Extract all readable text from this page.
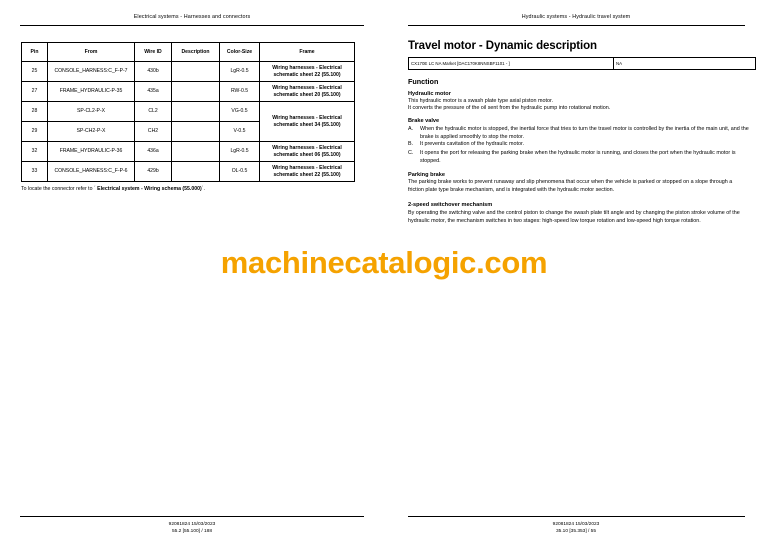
Electrical systems - Harnesses and connectors
Pin	From	Wire ID	Description	Color-Size	Frame
25	CONSOLE_HARNESS:C_F-P-7	430b		LgR-0.5	Wiring harnesses - Electrical schematic sheet 22 (55.100)
27	FRAME_HYDRAULIC-P-35	435a		RW-0.5	Wiring harnesses - Electrical schematic sheet 20 (55.100)
28	SP-CL2-P-X	CL2		VG-0.5	Wiring harnesses - Electrical schematic sheet 34 (55.100)
29	SP-CH2-P-X	CH2		V-0.5	
32	FRAME_HYDRAULIC-P-36	436a		LgR-0.5	Wiring harnesses - Electrical schematic sheet 06 (55.100)
33	CONSOLE_HARNESS:C_F-P-6	429b		OL-0.5	Wiring harnesses - Electrical schematic sheet 22 (55.100)
To locate the connector refer to ´ Electrical system - Wiring schema (55.000)´.
92081824 15/03/2023
55.2 [55.100] / 188
Hydraulic systems - Hydraulic travel system
Travel motor - Dynamic description
CX170E LC NA Market [DAC170K8NNSBF1101 - ]	NA
Function
Hydraulic motor
This hydraulic motor is a swash plate type axial piston motor.
It converts the pressure of the oil sent from the hydraulic pump into rotational motion.
Brake valve
A. When the hydraulic motor is stopped, the inertial force that tries to turn the travel motor is controlled by the inertia of the main unit, and the brake is applied smoothly to stop the motor.
B. It prevents cavitation of the hydraulic motor.
C. It opens the port for releasing the parking brake when the hydraulic motor is running, and closes the port when the hydraulic motor is stopped.
Parking brake
The parking brake works to prevent runaway and slip phenomena that occur when the vehicle is parked or stopped on a slope through a friction plate type brake mechanism, and is integrated with the hydraulic motor section.
2-speed switchover mechanism
By operating the switching valve and the control piston to change the swash plate tilt angle and by changing the piston stroke volume of the hydraulic motor, the mechanism switches in two stages: high-speed low torque rotation and low-speed high torque rotation.
92081824 15/03/2023
35.10 [35.353] / 55
machinecatalogic.com
